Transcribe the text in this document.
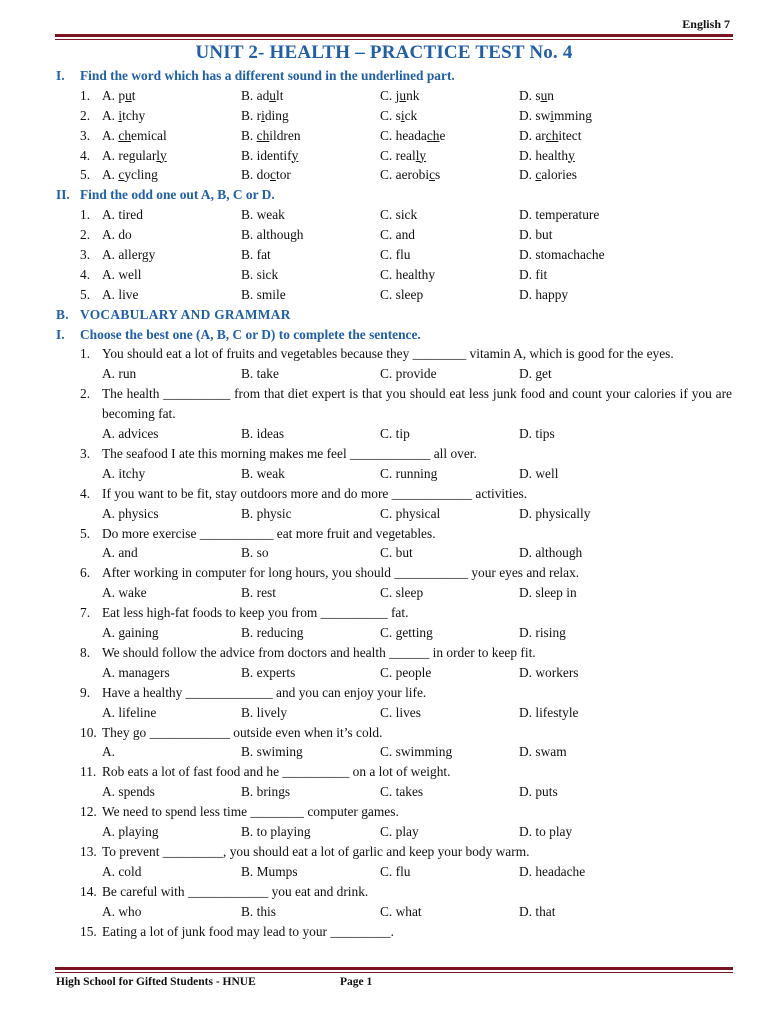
English 7
UNIT 2- HEALTH – PRACTICE TEST No. 4
I.	Find the word which has a different sound in the underlined part.
1. A. put	B. adult	C. junk	D. sun
2. A. itchy	B. riding	C. sick	D. swimming
3. A. chemical	B. children	C. headache	D. architect
4. A. regularly	B. identify	C. really	D. healthy
5. A. cycling	B. doctor	C. aerobics	D. calories
II. Find the odd one out A, B, C or D.
1. A. tired	B. weak	C. sick	D. temperature
2. A. do	B. although	C. and	D. but
3. A. allergy	B. fat	C. flu	D. stomachache
4. A. well	B. sick	C. healthy	D. fit
5. A. live	B. smile	C. sleep	D. happy
B. VOCABULARY AND GRAMMAR
I.	Choose the best one (A, B, C or D) to complete the sentence.
1. You should eat a lot of fruits and vegetables because they ________ vitamin A, which is good for the eyes.
A. run	B. take	C. provide	D. get
2. The health __________ from that diet expert is that you should eat less junk food and count your calories if you are becoming fat.
A. advices	B. ideas	C. tip	D. tips
3. The seafood I ate this morning makes me feel ____________ all over.
A. itchy	B. weak	C. running	D. well
4. If you want to be fit, stay outdoors more and do more ____________ activities.
A. physics	B. physic	C. physical	D. physically
5. Do more exercise ___________ eat more fruit and vegetables.
A. and	B. so	C. but	D. although
6. After working in computer for long hours, you should ___________ your eyes and relax.
A. wake	B. rest	C. sleep	D. sleep in
7. Eat less high-fat foods to keep you from __________ fat.
A. gaining	B. reducing	C. getting	D. rising
8. We should follow the advice from doctors and health ______ in order to keep fit.
A. managers	B. experts	C. people	D. workers
9. Have a healthy _____________ and you can enjoy your life.
A. lifeline	B. lively	C. lives	D. lifestyle
10. They go ____________ outside even when it’s cold.
A.	B. swiming	C. swimming	D. swam
11. Rob eats a lot of fast food and he __________ on a lot of weight.
A. spends	B. brings	C. takes	D. puts
12. We need to spend less time ________ computer games.
A. playing	B. to playing	C. play	D. to play
13. To prevent _________, you should eat a lot of garlic and keep your body warm.
A. cold	B. Mumps	C. flu	D. headache
14. Be careful with ____________ you eat and drink.
A. who	B. this	C. what	D. that
15. Eating a lot of junk food may lead to your _________.
High School for Gifted Students - HNUE	Page 1
